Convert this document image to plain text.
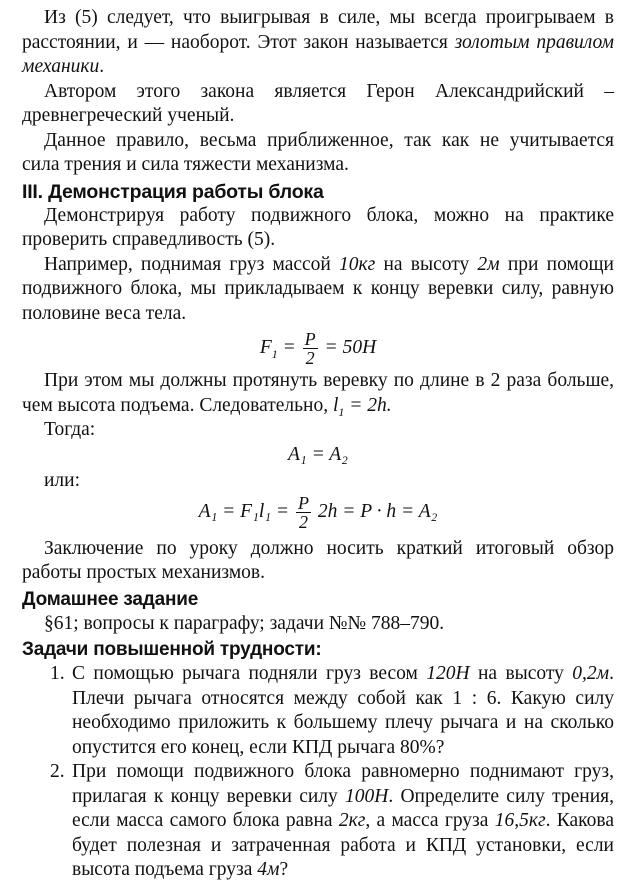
Из (5) следует, что выигрывая в силе, мы всегда проигрываем в расстоянии, и — наоборот. Этот закон называется золотым правилом механики.

Автором этого закона является Герон Александрийский – древнегреческий ученый.

Данное правило, весьма приближенное, так как не учитывается сила трения и сила тяжести механизма.

III. Демонстрация работы блока

Демонстрируя работу подвижного блока, можно на практике проверить справедливость (5).

Например, поднимая груз массой 10кг на высоту 2м при помощи подвижного блока, мы прикладываем к концу веревки силу, равную половине веса тела.

$F_1 = \frac{P}{2} = 50H$

При этом мы должны протянуть веревку по длине в 2 раза больше, чем высота подъема. Следовательно, $l_1 = 2h$.

Тогда:

A₁ = A₂

или:

$A_1 = F_1l_1 = \frac{P}{2} 2h = P \cdot h = A_2$

Заключение по уроку должно носить краткий итоговый обзор работы простых механизмов.

Домашнее задание

§61; вопросы к параграфу; задачи №№ 788–790.

Задачи повышенной трудности:
1. С помощью рычага подняли груз весом 120Н на высоту 0,2м. Плечи рычага относятся между собой как 1 : 6. Какую силу необходимо приложить к большему плечу рычага и на сколько опустится его конец, если КПД рычага 80%?
2. При помощи подвижного блока равномерно поднимают груз, прилагая к концу веревки силу 100Н. Определите силу трения, если масса самого блока равна 2кг, а масса груза 16,5кг. Какова будет полезная и затраченная работа и КПД установки, если высота подъема груза 4м?
